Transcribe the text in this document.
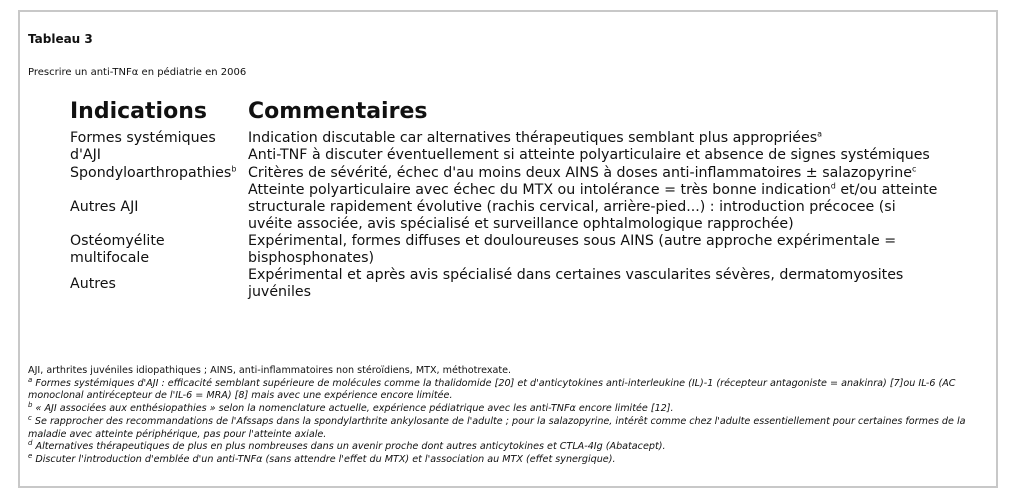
Tableau 3
Prescrire un anti-TNFα en pédiatrie en 2006
Indications	Commentaires
Formes systémiques d'AJI	Indication discutable car alternatives thérapeutiques semblant plus appropriées$^a$
Anti-TNF à discuter éventuellement si atteinte polyarticulaire et absence de signes systémiques

Spondyloarthropathies$^b$	Critères de sévérité, échec d'au moins deux AINS à doses anti-inflammatoires ± salazopyrine$^c$

Autres AJI	Atteinte polyarticulaire avec échec du MTX ou intolérance = très bonne indication$^d$ et/ou atteinte structurale rapidement évolutive (rachis cervical, arrière-pied...) : introduction précocee (si uvéite associée, avis spécialisé et surveillance ophtalmologique rapprochée)

Ostéomyélite multifocale	Expérimental, formes diffuses et douloureuses sous AINS (autre approche expérimentale = bisphosphonates)

Autres	Expérimental et après avis spécialisé dans certaines vascularites sévères, dermatomyosites juvéniles
AJI, arthrites juvéniles idiopathiques ; AINS, anti-inflammatoires non stéroïdiens, MTX, méthotrexate.
$^a$ Formes systémiques d'AJI : efficacité semblant supérieure de molécules comme la thalidomide [20] et d'anticytokines anti-interleukine (IL)-1 (récepteur antagoniste = anakinra) [7]ou IL-6 (AC monoclonal antirécepteur de l'IL-6 = MRA) [8] mais avec une expérience encore limitée.
$^b$ « AJI associées aux enthésiopathies » selon la nomenclature actuelle, expérience pédiatrique avec les anti-TNFα encore limitée [12].
$^c$ Se rapprocher des recommandations de l'Afssaps dans la spondylarthrite ankylosante de l'adulte ; pour la salazopyrine, intérêt comme chez l'adulte essentiellement pour certaines formes de la maladie avec atteinte périphérique, pas pour l'atteinte axiale.
$^d$ Alternatives thérapeutiques de plus en plus nombreuses dans un avenir proche dont autres anticytokines et CTLA-4Ig (Abatacept).
$^e$ Discuter l'introduction d'emblée d'un anti-TNFα (sans attendre l'effet du MTX) et l'association au MTX (effet synergique).
